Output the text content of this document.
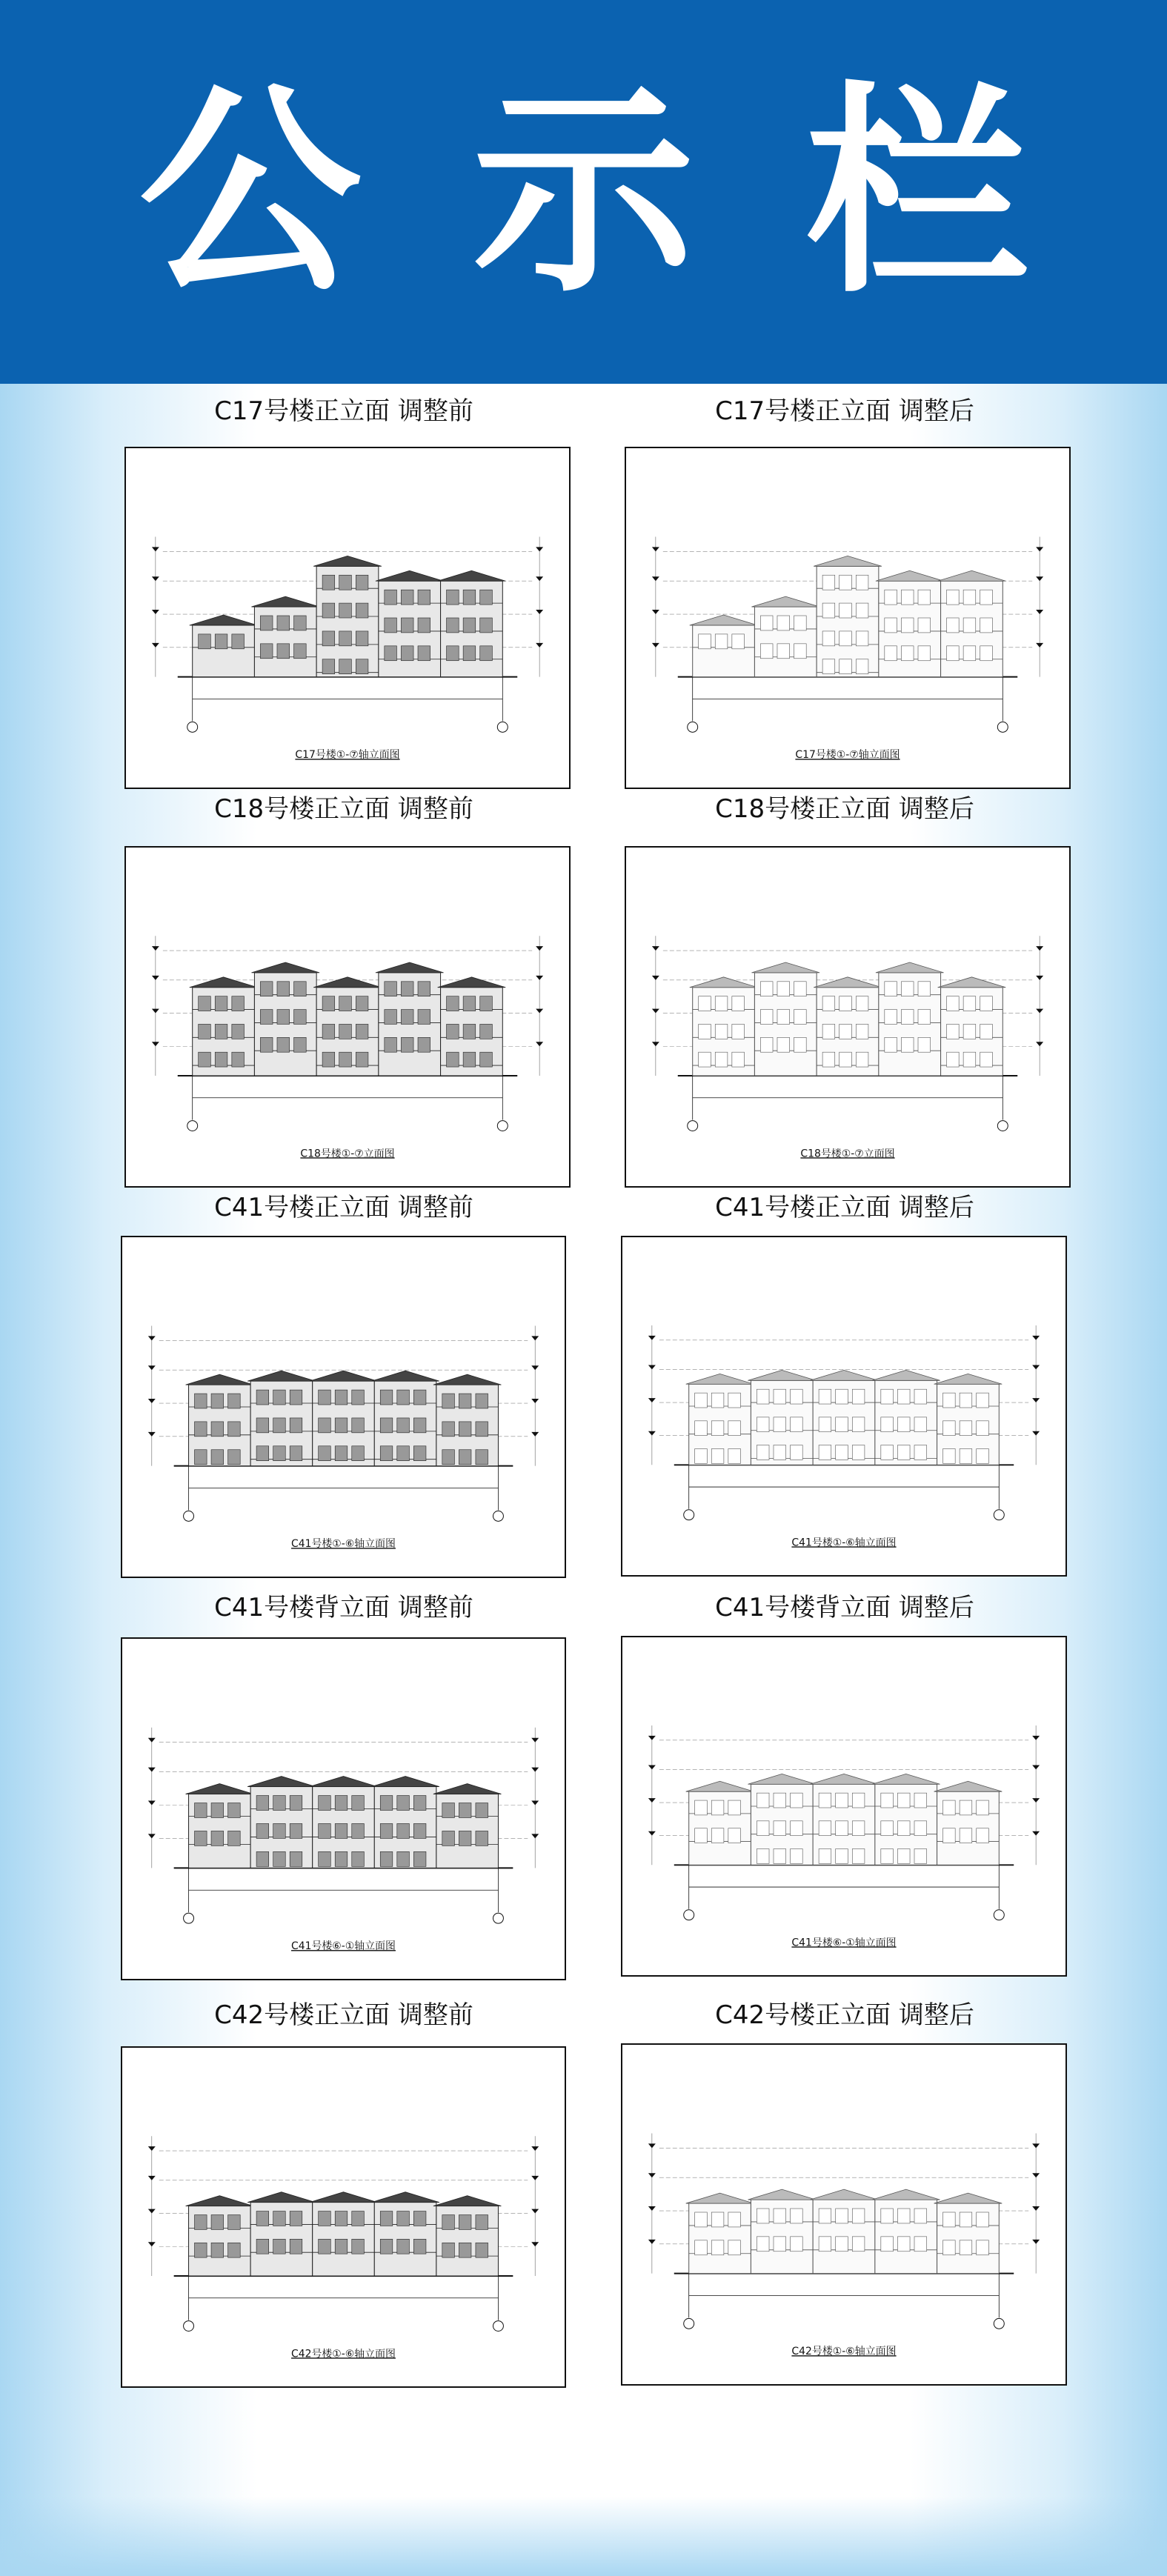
公示栏
C17号楼正立面 调整前
C17号楼①-⑦轴立面图
C17号楼正立面 调整后
C17号楼①-⑦轴立面图
C18号楼正立面 调整前
C18号楼①-⑦立面图
C18号楼正立面 调整后
C18号楼①-⑦立面图
C41号楼正立面 调整前
C41号楼①-⑥轴立面图
C41号楼正立面 调整后
C41号楼①-⑥轴立面图
C41号楼背立面 调整前
C41号楼⑥-①轴立面图
C41号楼背立面 调整后
C41号楼⑥-①轴立面图
C42号楼正立面 调整前
C42号楼①-⑥轴立面图
C42号楼正立面 调整后
C42号楼①-⑥轴立面图
